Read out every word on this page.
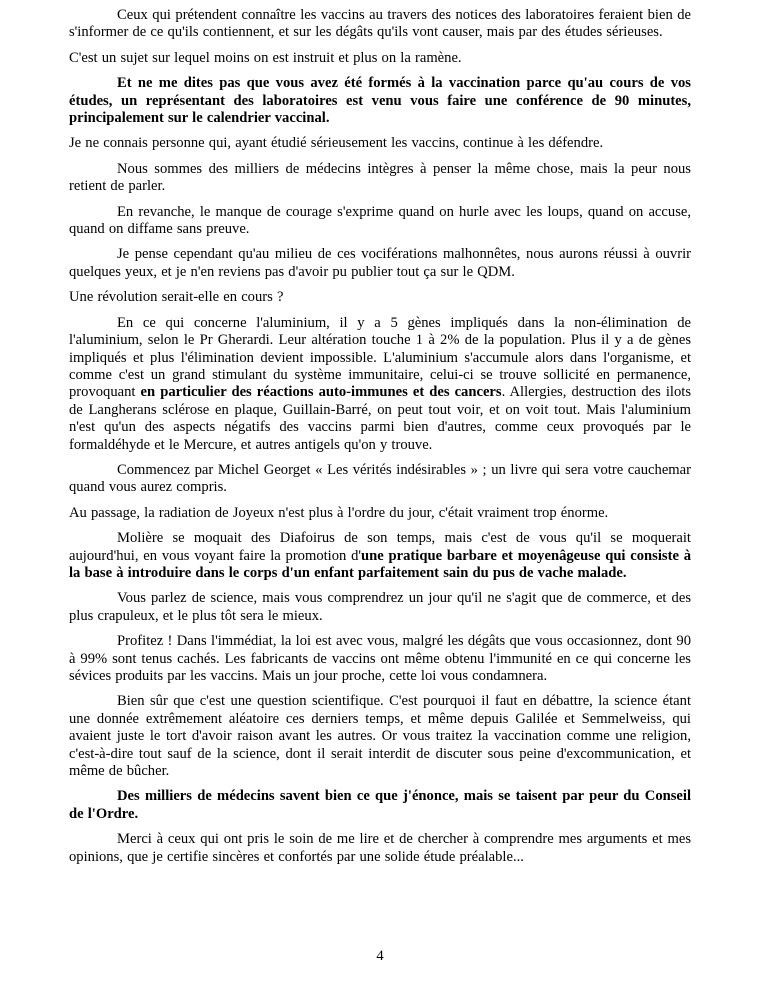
Ceux qui prétendent connaître les vaccins au travers des notices des laboratoires feraient bien de s'informer de ce qu'ils contiennent, et sur les dégâts qu'ils vont causer, mais par des études sérieuses.

C'est un sujet sur lequel moins on est instruit et plus on la ramène.

Et ne me dites pas que vous avez été formés à la vaccination parce qu'au cours de vos études, un représentant des laboratoires est venu vous faire une conférence de 90 minutes, principalement sur le calendrier vaccinal.

Je ne connais personne qui, ayant étudié sérieusement les vaccins, continue à les défendre.

Nous sommes des milliers de médecins intègres à penser la même chose, mais la peur nous retient de parler.

En revanche, le manque de courage s'exprime quand on hurle avec les loups, quand on accuse, quand on diffame sans preuve.

Je pense cependant qu'au milieu de ces vociférations malhonnêtes, nous aurons réussi à ouvrir quelques yeux, et je n'en reviens pas d'avoir pu publier tout ça sur le QDM.

Une révolution serait-elle en cours ?

En ce qui concerne l'aluminium, il y a 5 gènes impliqués dans la non-élimination de l'aluminium, selon le Pr Gherardi. Leur altération touche 1 à 2% de la population. Plus il y a de gènes impliqués et plus l'élimination devient impossible. L'aluminium s'accumule alors dans l'organisme, et comme c'est un grand stimulant du système immunitaire, celui-ci se trouve sollicité en permanence, provoquant en particulier des réactions auto-immunes et des cancers. Allergies, destruction des ilots de Langherans sclérose en plaque, Guillain-Barré, on peut tout voir, et on voit tout. Mais l'aluminium n'est qu'un des aspects négatifs des vaccins parmi bien d'autres, comme ceux provoqués par le formaldéhyde et le Mercure, et autres antigels qu'on y trouve.

Commencez par Michel Georget « Les vérités indésirables » ; un livre qui sera votre cauchemar quand vous aurez compris.

Au passage, la radiation de Joyeux n'est plus à l'ordre du jour, c'était vraiment trop énorme.

Molière se moquait des Diafoirus de son temps, mais c'est de vous qu'il se moquerait aujourd'hui, en vous voyant faire la promotion d'une pratique barbare et moyenâgeuse qui consiste à la base à introduire dans le corps d'un enfant parfaitement sain du pus de vache malade.

Vous parlez de science, mais vous comprendrez un jour qu'il ne s'agit que de commerce, et des plus crapuleux, et le plus tôt sera le mieux.

Profitez ! Dans l'immédiat, la loi est avec vous, malgré les dégâts que vous occasionnez, dont 90 à 99% sont tenus cachés. Les fabricants de vaccins ont même obtenu l'immunité en ce qui concerne les sévices produits par les vaccins. Mais un jour proche, cette loi vous condamnera.

Bien sûr que c'est une question scientifique. C'est pourquoi il faut en débattre, la science étant une donnée extrêmement aléatoire ces derniers temps, et même depuis Galilée et Semmelweiss, qui avaient juste le tort d'avoir raison avant les autres. Or vous traitez la vaccination comme une religion, c'est-à-dire tout sauf de la science, dont il serait interdit de discuter sous peine d'excommunication, et même de bûcher.

Des milliers de médecins savent bien ce que j'énonce, mais se taisent par peur du Conseil de l'Ordre.

Merci à ceux qui ont pris le soin de me lire et de chercher à comprendre mes arguments et mes opinions, que je certifie sincères et confortés par une solide étude préalable...

4
